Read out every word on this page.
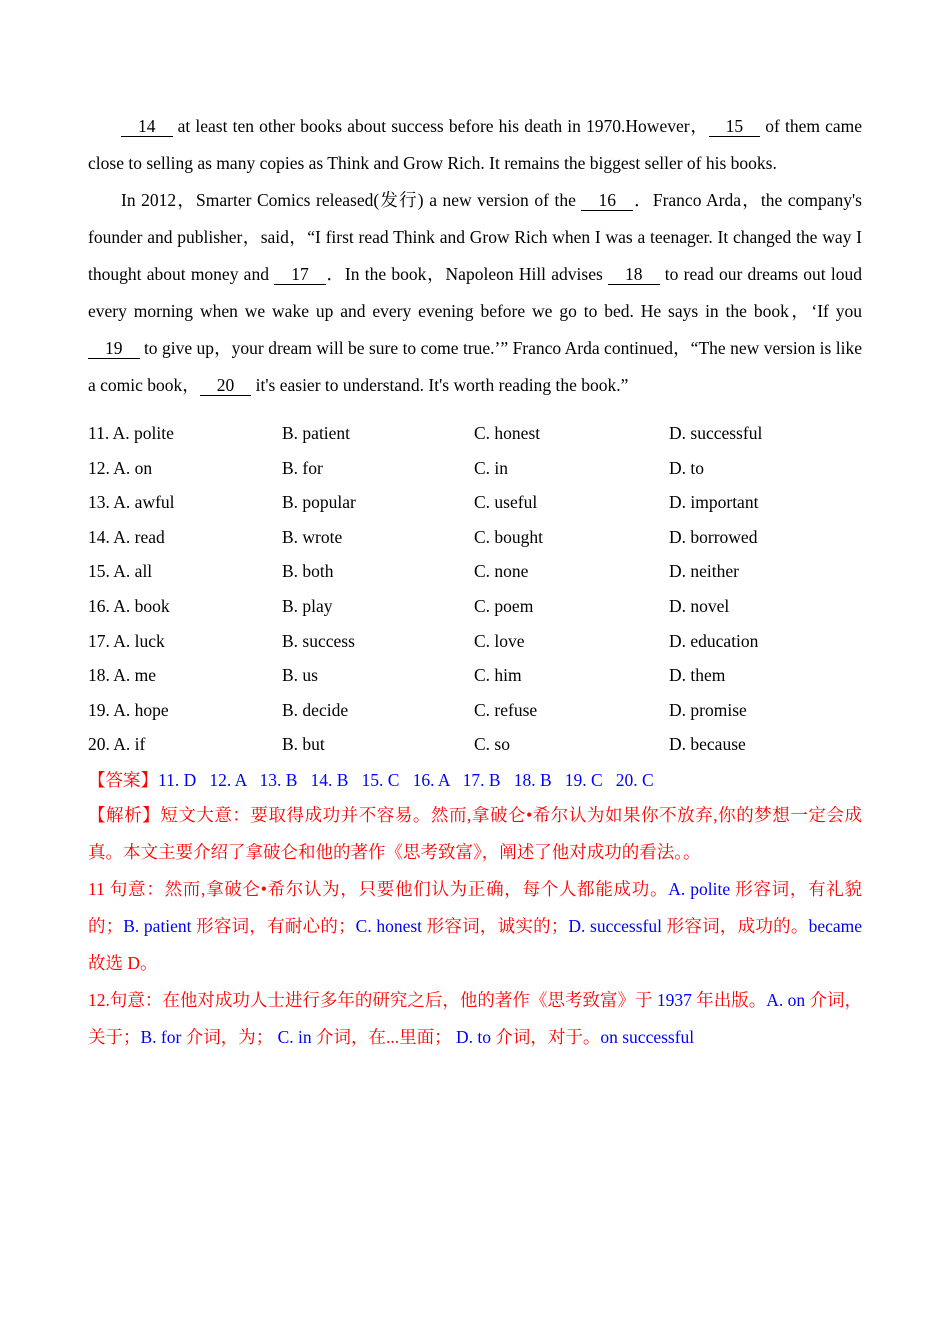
14 at least ten other books about success before his death in 1970.However， 15 of them came close to selling as many copies as Think and Grow Rich. It remains the biggest seller of his books.

In 2012，Smarter Comics released(发行) a new version of the 16 ．Franco Arda，the company's founder and publisher，said，“I first read Think and Grow Rich when I was a teenager. It changed the way I thought about money and 17 ．In the book，Napoleon Hill advises 18 to read our dreams out loud every morning when we wake up and every evening before we go to bed. He says in the book，‘If you 19 to give up，your dream will be sure to come true.’” Franco Arda continued，“The new version is like a comic book， 20 it's easier to understand. It's worth reading the book.”

11. A. polite	B. patient	C. honest	D. successful
12. A. on	B. for	C. in	D. to
13. A. awful	B. popular	C. useful	D. important
14. A. read	B. wrote	C. bought	D. borrowed
15. A. all	B. both	C. none	D. neither
16. A. book	B. play	C. poem	D. novel
17. A. luck	B. success	C. love	D. education
18. A. me	B. us	C. him	D. them
19. A. hope	B. decide	C. refuse	D. promise
20. A. if	B. but	C. so	D. because
【答案】11. D   12. A   13. B   14. B   15. C   16. A   17. B   18. B   19. C   20. C

【解析】短文大意：要取得成功并不容易。然而,拿破仑•希尔认为如果你不放弃,你的梦想一定会成真。本文主要介绍了拿破仑和他的著作《思考致富》，阐述了他对成功的看法。。

11 句意：然而,拿破仑•希尔认为，只要他们认为正确，每个人都能成功。A. polite 形容词，有礼貌的；B. patient 形容词，有耐心的；C. honest 形容词，诚实的；D. successful 形容词，成功的。became 故选 D。

12.句意：在他对成功人士进行多年的研究之后，他的著作《思考致富》于 1937 年出版。A. on 介词，关于；B. for 介词，为； C. in 介词，在...里面； D. to 介词，对于。on successful
